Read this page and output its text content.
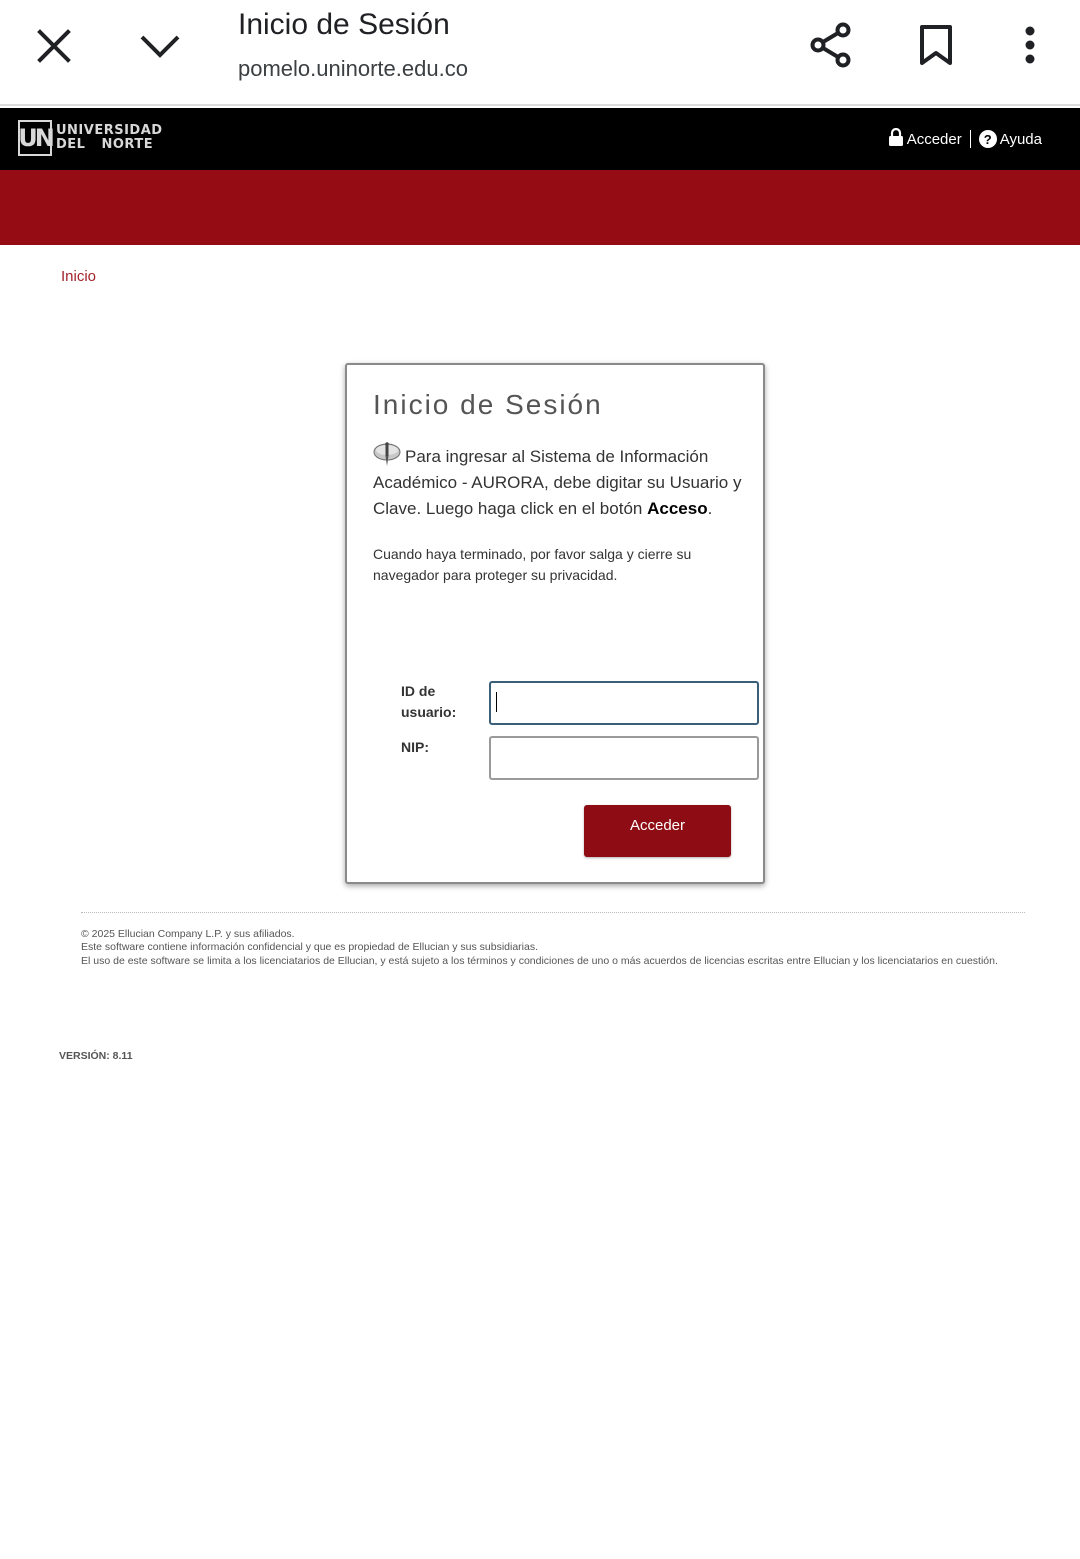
Inicio de Sesión
pomelo.uninorte.edu.co
UN UNIVERSIDAD
DEL NORTE	Acceder	? Ayuda
Inicio
Inicio de Sesión
Para ingresar al Sistema de Información Académico - AURORA, debe digitar su Usuario y Clave. Luego haga click en el botón Acceso.
Cuando haya terminado, por favor salga y cierre su navegador para proteger su privacidad.
ID de usuario:
NIP:
Acceder
© 2025 Ellucian Company L.P. y sus afiliados.
Este software contiene información confidencial y que es propiedad de Ellucian y sus subsidiarias.
El uso de este software se limita a los licenciatarios de Ellucian, y está sujeto a los términos y condiciones de uno o más acuerdos de licencias escritas entre Ellucian y los licenciatarios en cuestión.
VERSIÓN: 8.11
